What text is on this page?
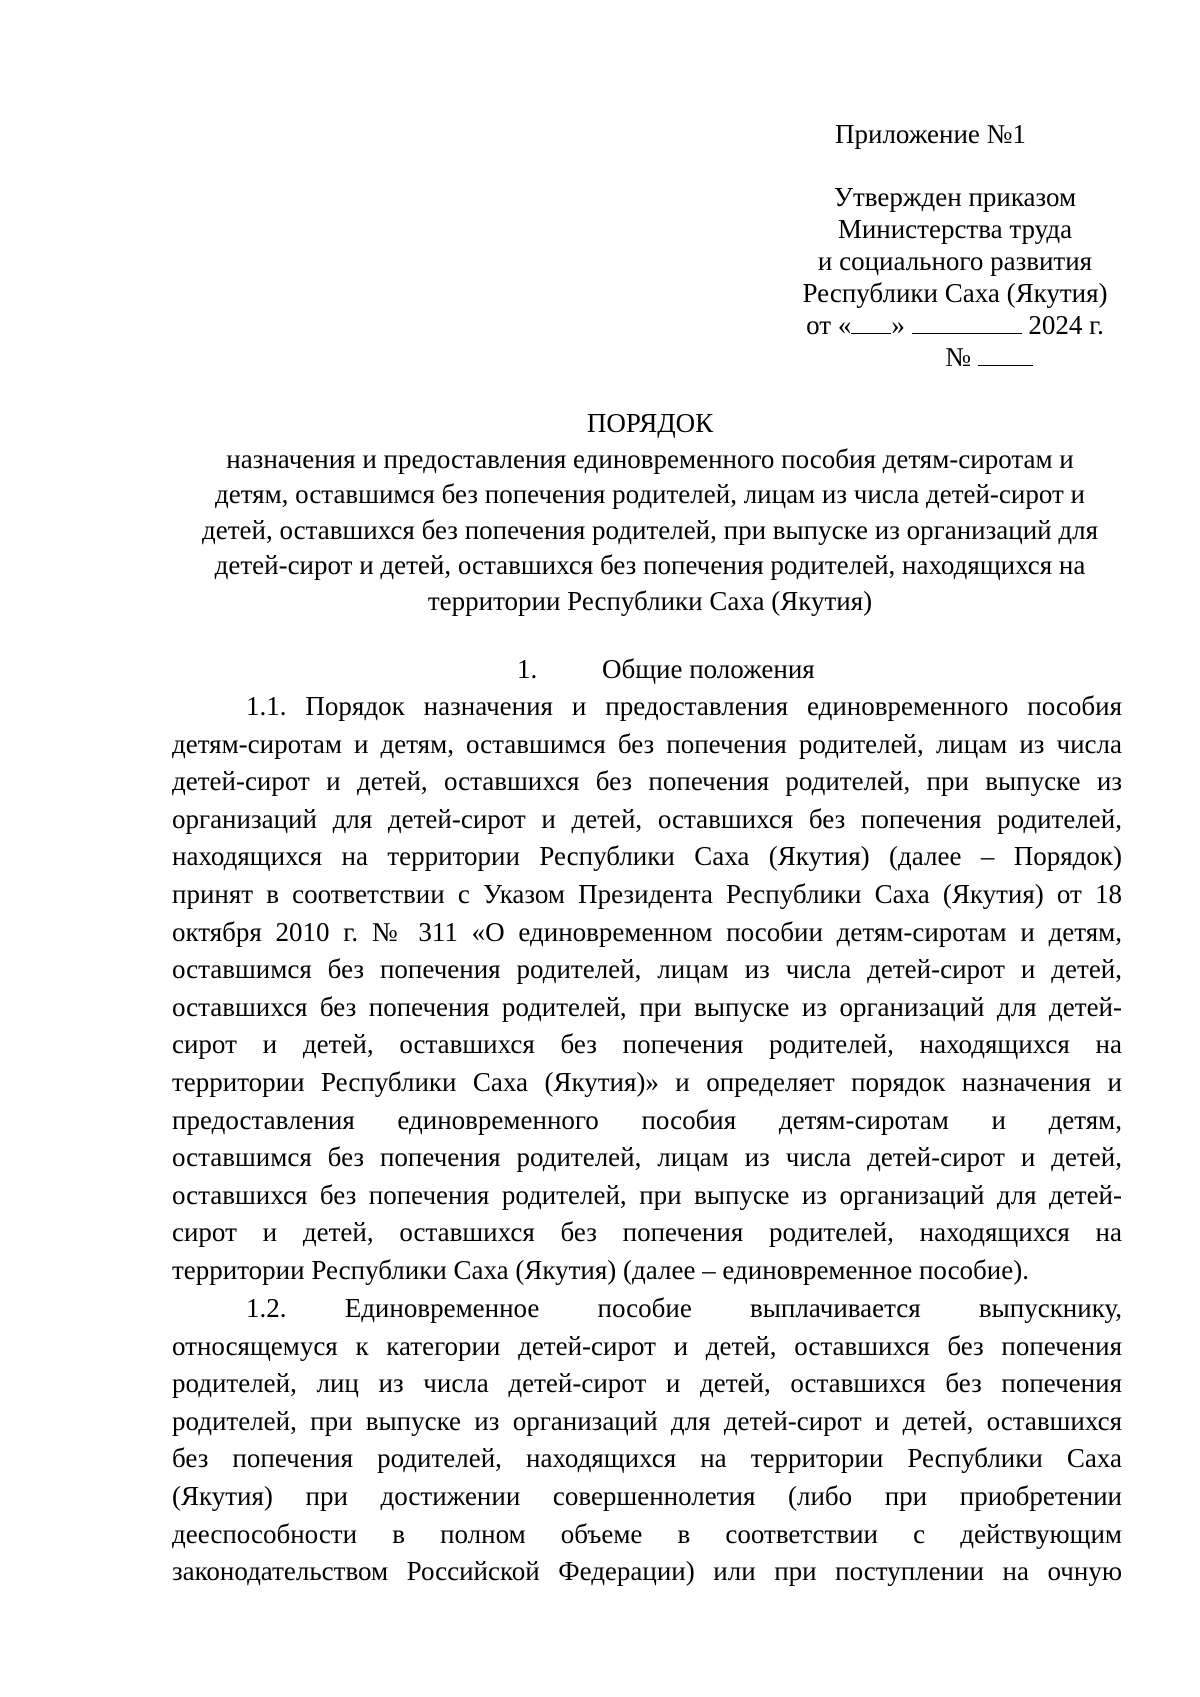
Приложение №1
Утвержден приказом
Министерства труда
и социального развития
Республики Саха (Якутия)
от « »	2024 г.
№
ПОРЯДОК
назначения и предоставления единовременного пособия детям-сиротам и
детям, оставшимся без попечения родителей, лицам из числа детей-сирот и
детей, оставшихся без попечения родителей, при выпуске из организаций для
детей-сирот и детей, оставшихся без попечения родителей, находящихся на
территории Республики Саха (Якутия)
1. Общие положения
1.1. Порядок назначения и предоставления единовременного пособия
детям-сиротам и детям, оставшимся без попечения родителей, лицам из числа
детей-сирот и детей, оставшихся без попечения родителей, при выпуске из
организаций для детей-сирот и детей, оставшихся без попечения родителей,
находящихся на территории Республики Саха (Якутия) (далее – Порядок)
принят в соответствии с Указом Президента Республики Саха (Якутия) от 18
октября 2010 г. № 311 «О единовременном пособии детям-сиротам и детям,
оставшимся без попечения родителей, лицам из числа детей-сирот и детей,
оставшихся без попечения родителей, при выпуске из организаций для детей-
сирот и детей, оставшихся без попечения родителей, находящихся на
территории Республики Саха (Якутия)» и определяет порядок назначения и
предоставления единовременного пособия детям-сиротам и детям,
оставшимся без попечения родителей, лицам из числа детей-сирот и детей,
оставшихся без попечения родителей, при выпуске из организаций для детей-
сирот и детей, оставшихся без попечения родителей, находящихся на
территории Республики Саха (Якутия) (далее – единовременное пособие).
1.2. Единовременное пособие выплачивается выпускнику,
относящемуся к категории детей-сирот и детей, оставшихся без попечения
родителей, лиц из числа детей-сирот и детей, оставшихся без попечения
родителей, при выпуске из организаций для детей-сирот и детей, оставшихся
без попечения родителей, находящихся на территории Республики Саха
(Якутия) при достижении совершеннолетия (либо при приобретении
дееспособности в полном объеме в соответствии с действующим
законодательством Российской Федерации) или при поступлении на очную
